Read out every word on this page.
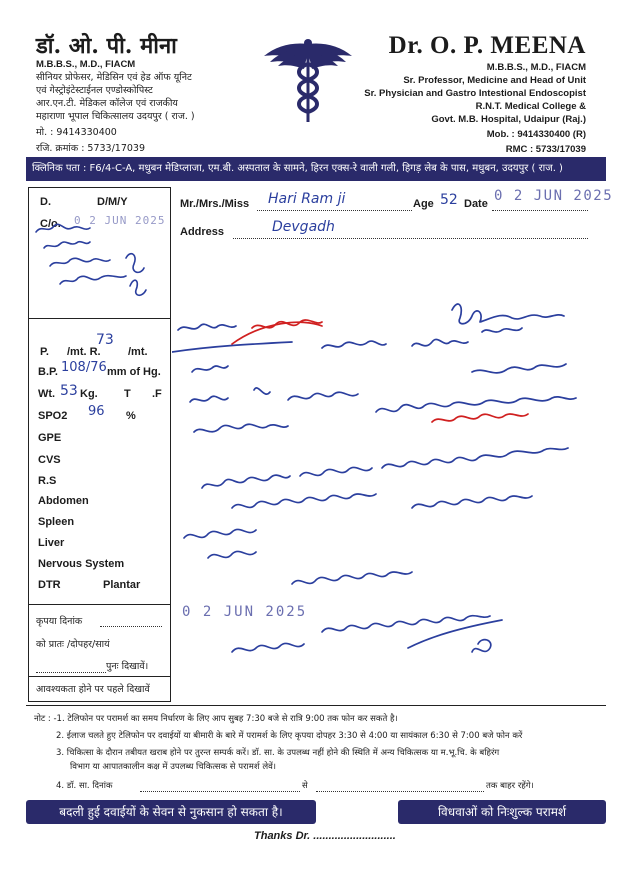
डॉ. ओ. पी. मीना
M.B.B.S., M.D., FIACM
सीनियर प्रोफेसर, मेडिसिन एवं हेड ऑफ यूनिट
एवं गेस्ट्रोइंटेस्टाईनल एण्डोस्कोपिस्ट
आर.एन.टी. मेडिकल कॉलेज एवं राजकीय
महाराणा भूपाल चिकित्सालय उदयपुर ( राज. )
मो. : 9414330400
रजि. क्रमांक : 5733/17039
Dr. O. P. MEENA
M.B.B.S., M.D., FIACM
Sr. Professor, Medicine and Head of Unit
Sr. Physician and Gastro Intestional Endoscopist
R.N.T. Medical College &
Govt. M.B. Hospital, Udaipur (Raj.)
Mob. : 9414330400 (R)
RMC : 5733/17039
क्लिनिक पता : F6/4-C-A, मधुबन मेडिप्लाजा, एम.बी. अस्पताल के सामने, हिरन एक्स-रे वाली गली, हिगड़ लेब के पास, मधुबन, उदयपुर ( राज. )
D.	D/M/Y
C/o. 0 2 JUN 2025
73
P. /mt. R. /mt.
B.P. 108/76 mm of Hg.
Wt. 53 Kg. T .F
SPO2 96 %
GPE
CVS
R.S
Abdomen
Spleen
Liver
Nervous System
DTR	Plantar
कृपया दिनांक
को प्रातः /दोपहर/सायं
पुनः दिखावें।
आवश्यकता होने पर पहले दिखावें
Mr./Mrs./Miss Hari Ram ji	Age 52 Date 0 2 JUN 2025
Address	Devgadh
0 2 JUN 2025
नोट : -1. टेलिफोन पर परामर्श का समय निर्धारण के लिए आप सुबह 7:30 बजे से रात्रि 9:00 तक फोन कर सकते है।
2. ईलाज चलते हुए टेलिफोन पर दवाईयों या बीमारी के बारे में परामर्श के लिए कृपया दोपहर 3:30 से 4:00 या सायंकाल 6:30 से 7:00 बजे फोन करें
3. चिकित्सा के दौरान तबीयत खराब होने पर तुरन्त सम्पर्क करें। डॉ. सा. के उपलब्ध नहीं होने की स्थिति में अन्य चिकित्सक या म.भू.चि. के बहिरंग
विभाग या आपातकालीन कक्ष में उपलब्ध चिकित्सक से परामर्श लेवें।
4. डॉ. सा. दिनांक	से	तक बाहर रहेंगे।
बदली हुई दवाईयों के सेवन से नुकसान हो सकता है।	विधवाओं को निःशुल्क परामर्श
Thanks Dr. ...........................
